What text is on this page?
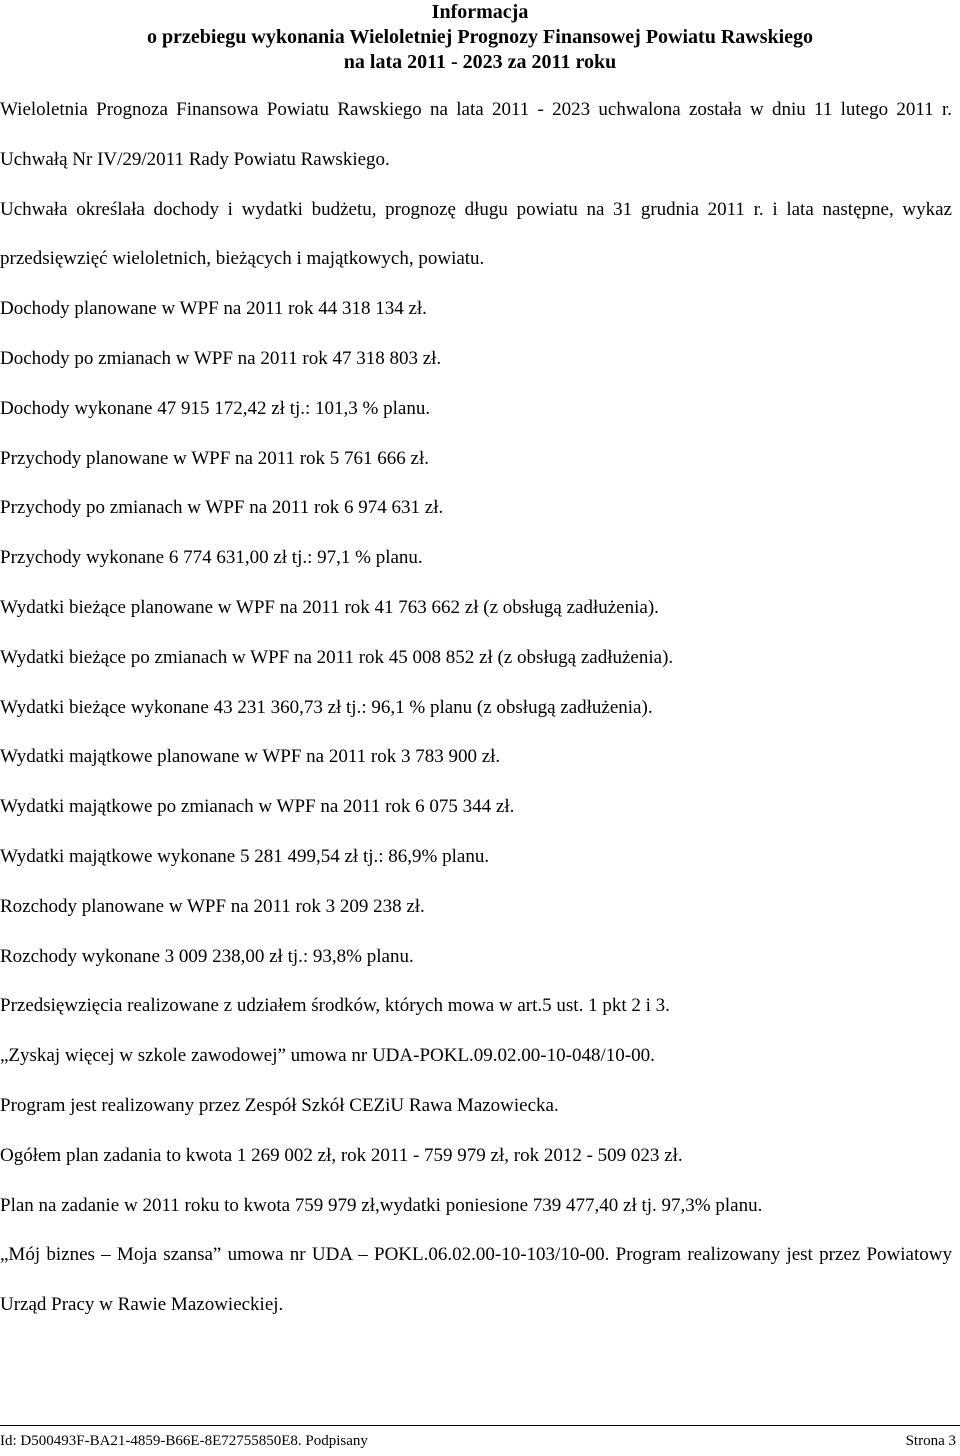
Informacja
o przebiegu wykonania Wieloletniej Prognozy Finansowej Powiatu Rawskiego
na lata 2011 - 2023 za 2011 roku

Wieloletnia Prognoza Finansowa Powiatu Rawskiego na lata 2011 - 2023 uchwalona została w dniu 11 lutego 2011 r. Uchwałą Nr IV/29/2011 Rady Powiatu Rawskiego.

Uchwała określała dochody i wydatki budżetu, prognozę długu powiatu na 31 grudnia 2011 r. i lata następne, wykaz przedsięwzięć wieloletnich, bieżących i majątkowych, powiatu.

Dochody planowane w WPF na 2011 rok 44 318 134 zł.

Dochody po zmianach w WPF na 2011 rok 47 318 803 zł.

Dochody wykonane 47 915 172,42 zł tj.: 101,3 % planu.

Przychody planowane w WPF na 2011 rok 5 761 666 zł.

Przychody po zmianach w WPF na 2011 rok 6 974 631 zł.

Przychody wykonane 6 774 631,00 zł tj.: 97,1 % planu.

Wydatki bieżące planowane w WPF na 2011 rok 41 763 662 zł (z obsługą zadłużenia).

Wydatki bieżące po zmianach w WPF na 2011 rok 45 008 852 zł (z obsługą zadłużenia).

Wydatki bieżące wykonane 43 231 360,73 zł tj.: 96,1 % planu (z obsługą zadłużenia).

Wydatki majątkowe planowane w WPF na 2011 rok 3 783 900 zł.

Wydatki majątkowe po zmianach w WPF na 2011 rok 6 075 344 zł.

Wydatki majątkowe wykonane 5 281 499,54 zł tj.: 86,9% planu.

Rozchody planowane w WPF na 2011 rok 3 209 238 zł.

Rozchody wykonane 3 009 238,00 zł tj.: 93,8% planu.

Przedsięwzięcia realizowane z udziałem środków, których mowa w art.5 ust. 1 pkt 2 i 3.

„Zyskaj więcej w szkole zawodowej” umowa nr UDA-POKL.09.02.00-10-048/10-00.

Program jest realizowany przez Zespół Szkół CEZiU Rawa Mazowiecka.

Ogółem plan zadania to kwota 1 269 002 zł, rok 2011 - 759 979 zł, rok 2012 - 509 023 zł.

Plan na zadanie w 2011 roku to kwota 759 979 zł,wydatki poniesione 739 477,40 zł tj. 97,3% planu.

„Mój biznes – Moja szansa” umowa nr UDA – POKL.06.02.00-10-103/10-00. Program realizowany jest przez Powiatowy Urząd Pracy w Rawie Mazowieckiej.

Id: D500493F-BA21-4859-B66E-8E72755850E8. Podpisany	Strona 3
